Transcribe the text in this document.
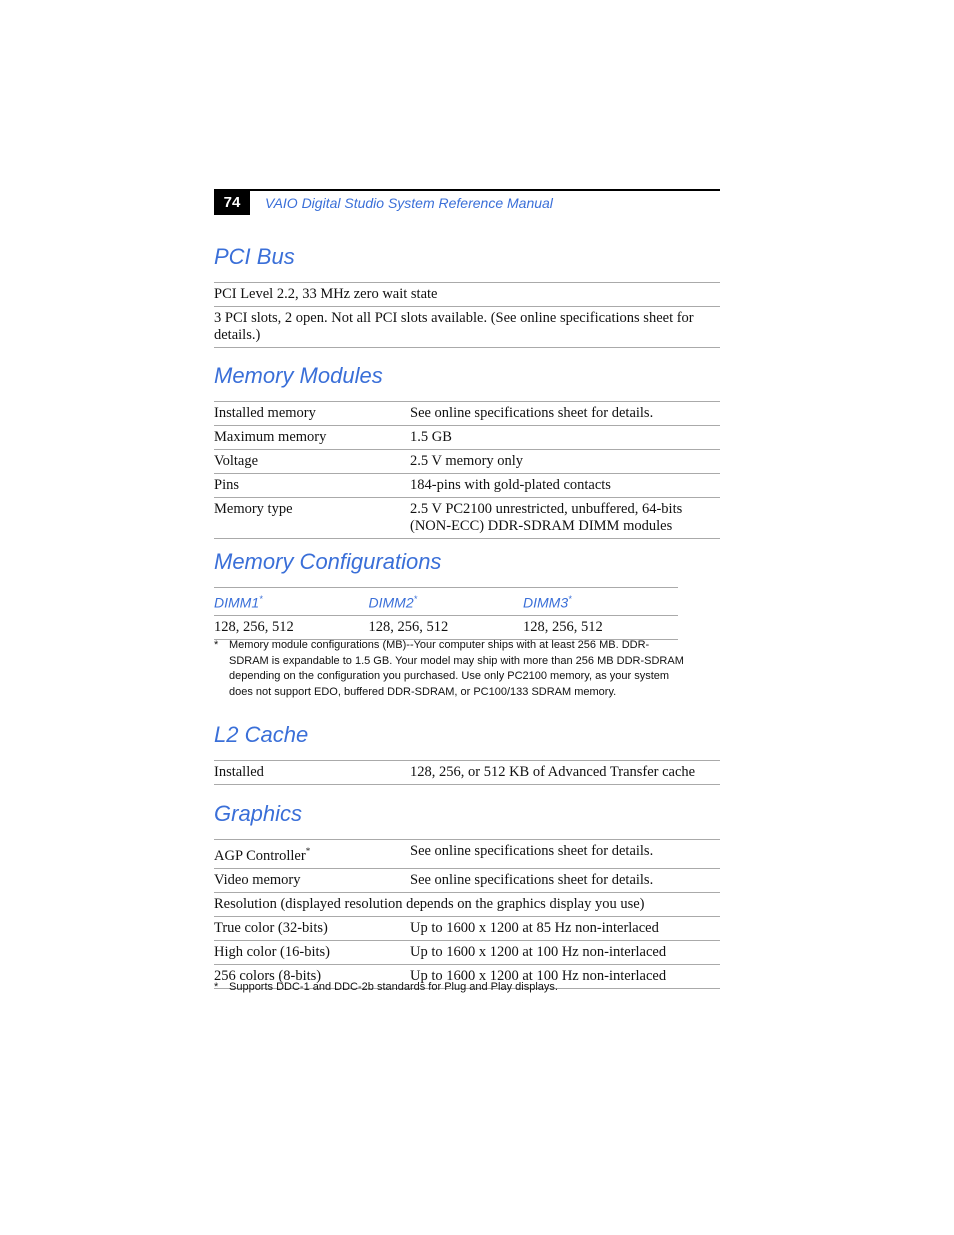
74	VAIO Digital Studio System Reference Manual
PCI Bus
PCI Level 2.2, 33 MHz zero wait state
3 PCI slots, 2 open. Not all PCI slots available. (See online specifications sheet for details.)
Memory Modules
Installed memory	See online specifications sheet for details.
Maximum memory	1.5 GB
Voltage	2.5 V memory only
Pins	184-pins with gold-plated contacts
Memory type	2.5 V PC2100 unrestricted, unbuffered, 64-bits (NON-ECC) DDR-SDRAM DIMM modules
Memory Configurations
DIMM1*	DIMM2*	DIMM3*
128, 256, 512	128, 256, 512	128, 256, 512
* Memory module configurations (MB)--Your computer ships with at least 256 MB. DDR-SDRAM is expandable to 1.5 GB. Your model may ship with more than 256 MB DDR-SDRAM depending on the configuration you purchased. Use only PC2100 memory, as your system does not support EDO, buffered DDR-SDRAM, or PC100/133 SDRAM memory.
L2 Cache
Installed	128, 256, or 512 KB of Advanced Transfer cache
Graphics
AGP Controller*	See online specifications sheet for details.
Video memory	See online specifications sheet for details.
Resolution (displayed resolution depends on the graphics display you use)
True color (32-bits)	Up to 1600 x 1200 at 85 Hz non-interlaced
High color (16-bits)	Up to 1600 x 1200 at 100 Hz non-interlaced
256 colors (8-bits)	Up to 1600 x 1200 at 100 Hz non-interlaced
* Supports DDC-1 and DDC-2b standards for Plug and Play displays.
